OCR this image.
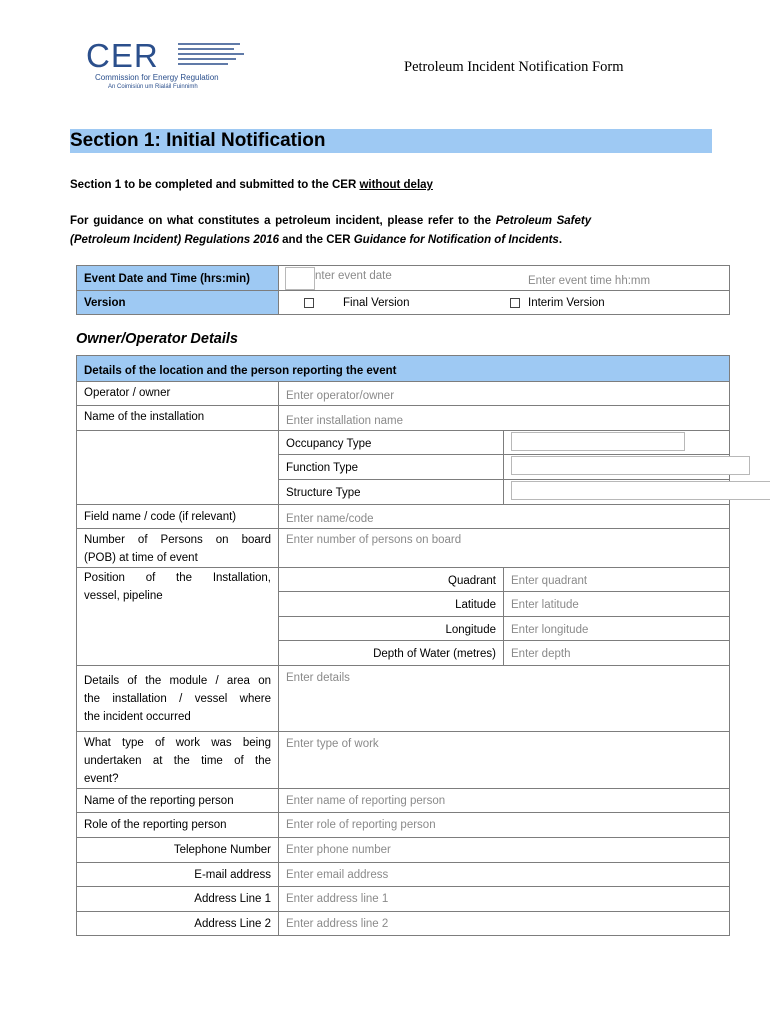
CER
Commission for Energy Regulation
An Coimisiún um Rialáil Fuinnimh
Petroleum Incident Notification Form
Section 1: Initial Notification
Section 1 to be completed and submitted to the CER without delay
For guidance on what constitutes a petroleum incident, please refer to the Petroleum Safety
(Petroleum Incident) Regulations 2016 and the CER Guidance for Notification of Incidents.
Event Date and Time (hrs:min)	nter event date Enter event time hh:mm

Version	Final Version Interim Version
Owner/Operator Details
Details of the location and the person reporting the event		
Operator / owner	Enter operator/owner	
Name of the installation	Enter installation name	
	Occupancy Type	

	Function Type	

	Structure Type	

Field name / code (if relevant)	Enter name/code	

Number of Persons on board
(POB) at time of event	Enter number of persons on board	

Position of the Installation,
vessel, pipeline	Quadrant	Enter quadrant
	Latitude	Enter latitude
	Longitude	Enter longitude
	Depth of Water (metres)	Enter depth

Details of the module / area on
the installation / vessel where
the incident occurred	Enter details	

What type of work was being
undertaken at the time of the
event?	Enter type of work	
Name of the reporting person	Enter name of reporting person	
Role of the reporting person	Enter role of reporting person	
Telephone Number	Enter phone number	
E-mail address	Enter email address	
Address Line 1	Enter address line 1	
Address Line 2	Enter address line 2	
